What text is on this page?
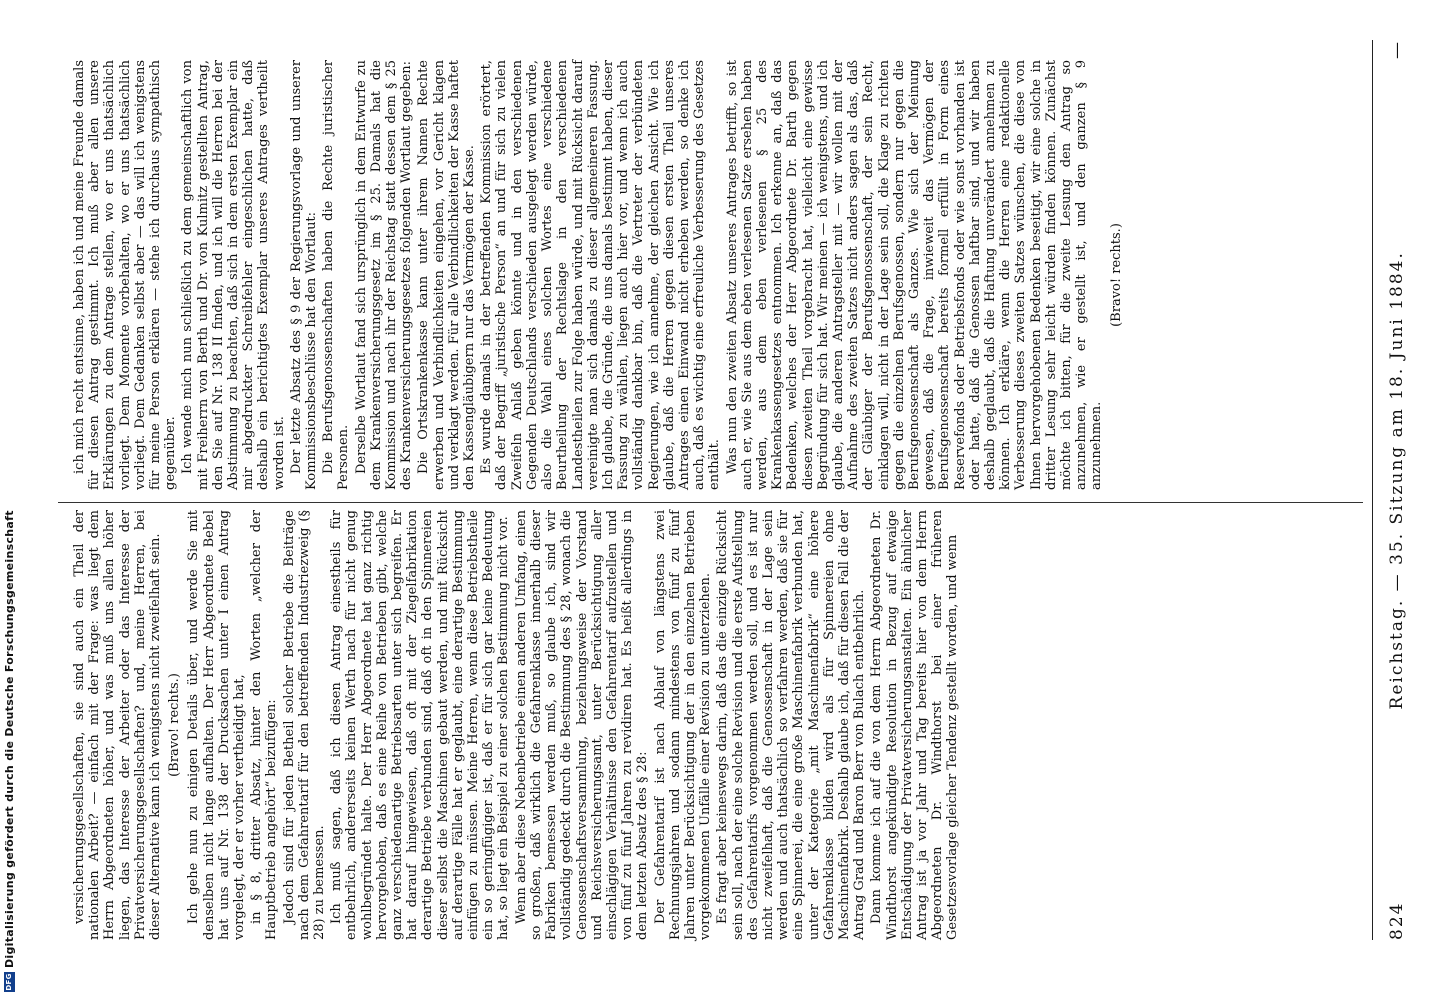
824
Reichstag. — 35. Sitzung am 18. Juni 1884.
—

versicherungsgesellschaften, sie sind auch ein Theil der nationalen Arbeit? — einfach mit der Frage: was liegt dem Herrn Abgeordneten höher, und was muß uns allen höher liegen, das Interesse der Arbeiter oder das Interesse der Privatversicherungsgesellschaften? und, meine Herren, bei dieser Alternative kann ich wenigstens nicht zweifelhaft sein. (Bravo! rechts.) Ich gehe nun zu einigen Details über, und werde Sie mit denselben nicht lange aufhalten. Der Herr Abgeordnete Bebel hat uns auf Nr. 138 der Drucksachen unter I einen Antrag vorgelegt, der er vorher vertheidigt hat, in § 8, dritter Absatz, hinter den Worten „welcher der Hauptbetrieb angehört“ beizufügen: Jedoch sind für jeden Betheil solcher Betriebe die Beiträge nach dem Gefahrentarif für den betreffenden Industriezweig (§ 28) zu bemessen. Ich muß sagen, daß ich diesen Antrag einestheils für entbehrlich, andererseits keinen Werth nach für nicht genug wohlbegründet halte. Der Herr Abgeordnete hat ganz richtig hervorgehoben, daß es eine Reihe von Betrieben gibt, welche ganz verschiedenartige Betriebsarten unter sich begreifen. Er hat darauf hingewiesen, daß oft mit der Ziegelfabrikation derartige Betriebe verbunden sind, daß oft in den Spinnereien dieser selbst die Maschinen gebaut werden, und mit Rücksicht auf derartige Fälle hat er geglaubt, eine derartige Bestimmung einfügen zu müssen. Meine Herren, wenn diese Betriebstheile ein so geringfügiger ist, daß er für sich gar keine Bedeutung hat, so liegt ein Beispiel zu einer solchen Bestimmung nicht vor. Wenn aber diese Nebenbetriebe einen anderen Umfang, einen so großen, daß wirklich die Gefahrenklasse innerhalb dieser Fabriken bemessen werden muß, so glaube ich, sind wir vollständig gedeckt durch die Bestimmung des § 28, wonach die Genossenschaftsversammlung, beziehungsweise der Vorstand und Reichsversicherungsamt, unter Berücksichtigung aller einschlägigen Verhältnisse den Gefahrentarif aufzustellen und von fünf zu fünf Jahren zu revidiren hat. Es heißt allerdings in dem letzten Absatz des § 28: Der Gefahrentarif ist nach Ablauf von längstens zwei Rechnungsjahren und sodann mindestens von fünf zu fünf Jahren unter Berücksichtigung der in den einzelnen Betrieben vorgekommenen Unfälle einer Revision zu unterziehen. Es fragt aber keineswegs darin, daß das die einzige Rücksicht sein soll, nach der eine solche Revision und die erste Aufstellung des Gefahrentarifs vorgenommen werden soll, und es ist nur nicht zweifelhaft, daß die Genossenschaft in der Lage sein werden und auch thatsächlich so verfahren werden, daß sie für eine Spinnerei, die eine große Maschinenfabrik verbunden hat, unter der Kategorie „mit Maschinenfabrik“ eine höhere Gefahrenklasse bilden wird als für Spinnereien ohne Maschinenfabrik. Deshalb glaube ich, daß für diesen Fall die der Antrag Grad und Baron Berr von Bulach entbehrlich. Dann komme ich auf die von dem Herrn Abgeordneten Dr. Windthorst angekündigte Resolution in Bezug auf etwaige Entschädigung der Privatversicherungsanstalten. Ein ähnlicher Antrag ist ja vor Jahr und Tag bereits hier von dem Herrn Abgeordneten Dr. Windthorst bei einer früheren Gesetzesvorlage gleicher Tendenz gestellt worden, und wenn

ich mich recht entsinne, haben ich und meine Freunde damals für diesen Antrag gestimmt. Ich muß aber allen unsere Erklärungen zu dem Antrage stellen, wo er uns thatsächlich vorliegt. Dem Momente vorbehalten, wo er uns thatsächlich vorliegt. Dem Gedanken selbst aber — das will ich wenigstens für meine Person erklären — stehe ich durchaus sympathisch gegenüber. Ich wende mich nun schließlich zu dem gemeinschaftlich von mit Freiherrn von Berth und Dr. von Kulmitz gestellten Antrag, den Sie auf Nr. 138 II finden, und ich will die Herren bei der Abstimmung zu beachten, daß sich in dem ersten Exemplar ein mir abgedruckter Schreibfehler eingeschlichen hatte, daß deshalb ein berichtigtes Exemplar unseres Antrages vertheilt worden ist. Der letzte Absatz des § 9 der Regierungsvorlage und unserer Kommissionsbeschlüsse hat den Wortlaut: Die Berufsgenossenschaften haben die Rechte juristischer Personen. Derselbe Wortlaut fand sich ursprünglich in dem Entwurfe zu dem Krankenversicherungsgesetz im § 25. Damals hat die Kommission und nach ihr der Reichstag statt dessen dem § 25 des Krankenversicherungsgesetzes folgenden Wortlaut gegeben: Die Ortskrankenkasse kann unter ihrem Namen Rechte erwerben und Verbindlichkeiten eingehen, vor Gericht klagen und verklagt werden. Für alle Verbindlichkeiten der Kasse haftet den Kassengläubigern nur das Vermögen der Kasse. Es wurde damals in der betreffenden Kommission erörtert, daß der Begriff „juristische Person“ an und für sich zu vielen Zweifeln Anlaß geben könnte und in den verschiedenen Gegenden Deutschlands verschieden ausgelegt werden würde, also die Wahl eines solchen Wortes eine verschiedene Beurtheilung der Rechtslage in den verschiedenen Landestheilen zur Folge haben würde, und mit Rücksicht darauf vereinigte man sich damals zu dieser allgemeineren Fassung. Ich glaube, die Gründe, die uns damals bestimmt haben, dieser Fassung zu wählen, liegen auch hier vor, und wenn ich auch vollständig dankbar bin, daß die Vertreter der verbündeten Regierungen, wie ich annehme, der gleichen Ansicht. Wie ich glaube, daß die Herren gegen diesen ersten Theil unseres Antrages einen Einwand nicht erheben werden, so denke ich auch, daß es wichtig eine erfreuliche Verbesserung des Gesetzes enthält. Was nun den zweiten Absatz unseres Antrages betrifft, so ist auch er, wie Sie aus dem eben verlesenen Satze ersehen haben werden, aus dem eben verlesenen § 25 des Krankenkassengesetzes entnommen. Ich erkenne an, daß das Bedenken, welches der Herr Abgeordnete Dr. Barth gegen diesen zweiten Theil vorgebracht hat, vielleicht eine gewisse Begründung für sich hat. Wir meinen — ich wenigstens, und ich glaube, die anderen Antragsteller mit — wir wollen mit der Aufnahme des zweiten Satzes nicht anders sagen als das, daß der Gläubiger der Berufsgenossenschaft, der sein Recht, einklagen will, nicht in der Lage sein soll, die Klage zu richten gegen die einzelnen Berufsgenossen, sondern nur gegen die Berufsgenossenschaft als Ganzes. Wie sich der Meinung gewesen, daß die Frage, inwieweit das Vermögen der Berufsgenossenschaft bereits formell erfüllt in Form eines Reservefonds oder Betriebsfonds oder wie sonst vorhanden ist oder hatte, daß die Genossen haftbar sind, und wir haben deshalb geglaubt, daß die Haftung unverändert annehmen zu können. Ich erkläre, wenn die Herren eine redaktionelle Verbesserung dieses zweiten Satzes wünschen, die diese von Ihnen hervorgehobenen Bedenken beseitigt, wir eine solche in dritter Lesung sehr leicht würden finden können. Zunächst möchte ich bitten, für die zweite Lesung den Antrag so anzunehmen, wie er gestellt ist, und den ganzen § 9 anzunehmen.

(Bravo! rechts.)

DFG
Digitalisierung gefördert durch die Deutsche Forschungsgemeinschaft
